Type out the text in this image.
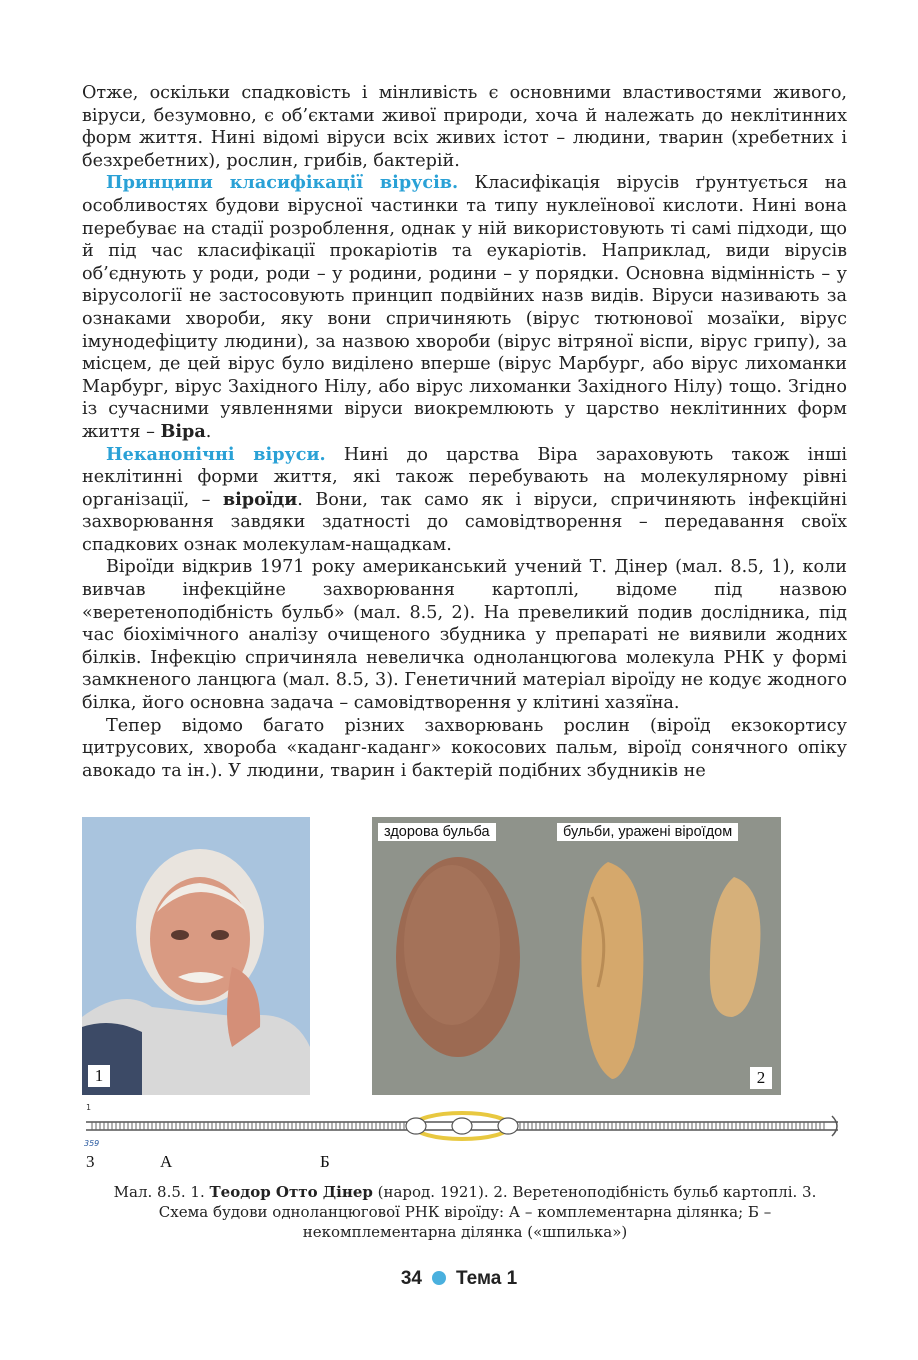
Отже, оскільки спадковість і мінливість є основними властивостями живого, віруси, безумовно, є об’єктами живої природи, хоча й належать до неклітинних форм життя. Нині відомі віруси всіх живих істот – людини, тварин (хребетних і безхребетних), рослин, грибів, бактерій.

Принципи класифікації вірусів. Класифікація вірусів ґрунтується на особливостях будови вірусної частинки та типу нуклеїнової кислоти. Нині вона перебуває на стадії розроблення, однак у ній використовують ті самі підходи, що й під час класифікації прокаріотів та еукаріотів. Наприклад, види вірусів об’єднують у роди, роди – у родини, родини – у порядки. Основна відмінність – у вірусології не застосовують принцип подвійних назв видів. Віруси називають за ознаками хвороби, яку вони спричиняють (вірус тютюнової мозаїки, вірус імунодефіциту людини), за назвою хвороби (вірус вітряної віспи, вірус грипу), за місцем, де цей вірус було виділено вперше (вірус Марбург, або вірус лихоманки Марбург, вірус Західного Нілу, або вірус лихоманки Західного Нілу) тощо. Згідно із сучасними уявленнями віруси виокремлюють у царство неклітинних форм життя – Віра.

Неканонічні віруси. Нині до царства Віра зараховують також інші неклітинні форми життя, які також перебувають на молекулярному рівні організації, – віроїди. Вони, так само як і віруси, спричиняють інфекційні захворювання завдяки здатності до самовідтворення – передавання своїх спадкових ознак молекулам-нащадкам.

Віроїди відкрив 1971 року американський учений Т. Дінер (мал. 8.5, 1), коли вивчав інфекційне захворювання картоплі, відоме під назвою «веретеноподібність бульб» (мал. 8.5, 2). На превеликий подив дослідника, під час біохімічного аналізу очищеного збудника у препараті не виявили жодних білків. Інфекцію спричиняла невеличка одноланцюгова молекула РНК у формі замкненого ланцюга (мал. 8.5, 3). Генетичний матеріал віроїду не кодує жодного білка, його основна задача – самовідтворення у клітині хазяїна.

Тепер відомо багато різних захворювань рослин (віроїд екзокортису цитрусових, хвороба «каданг-каданг» кокосових пальм, віроїд сонячного опіку авокадо та ін.). У людини, тварин і бактерій подібних збудників не

1
здорова бульба	бульби, уражені віроїдом
2
1
359
3	А	Б
Мал. 8.5. 1. Теодор Отто Дінер (народ. 1921). 2. Веретеноподібність бульб картоплі. 3. Схема будови одноланцюгової РНК віроїду: А – комплементарна ділянка; Б – некомплементарна ділянка («шпилька»)
34 Тема 1
